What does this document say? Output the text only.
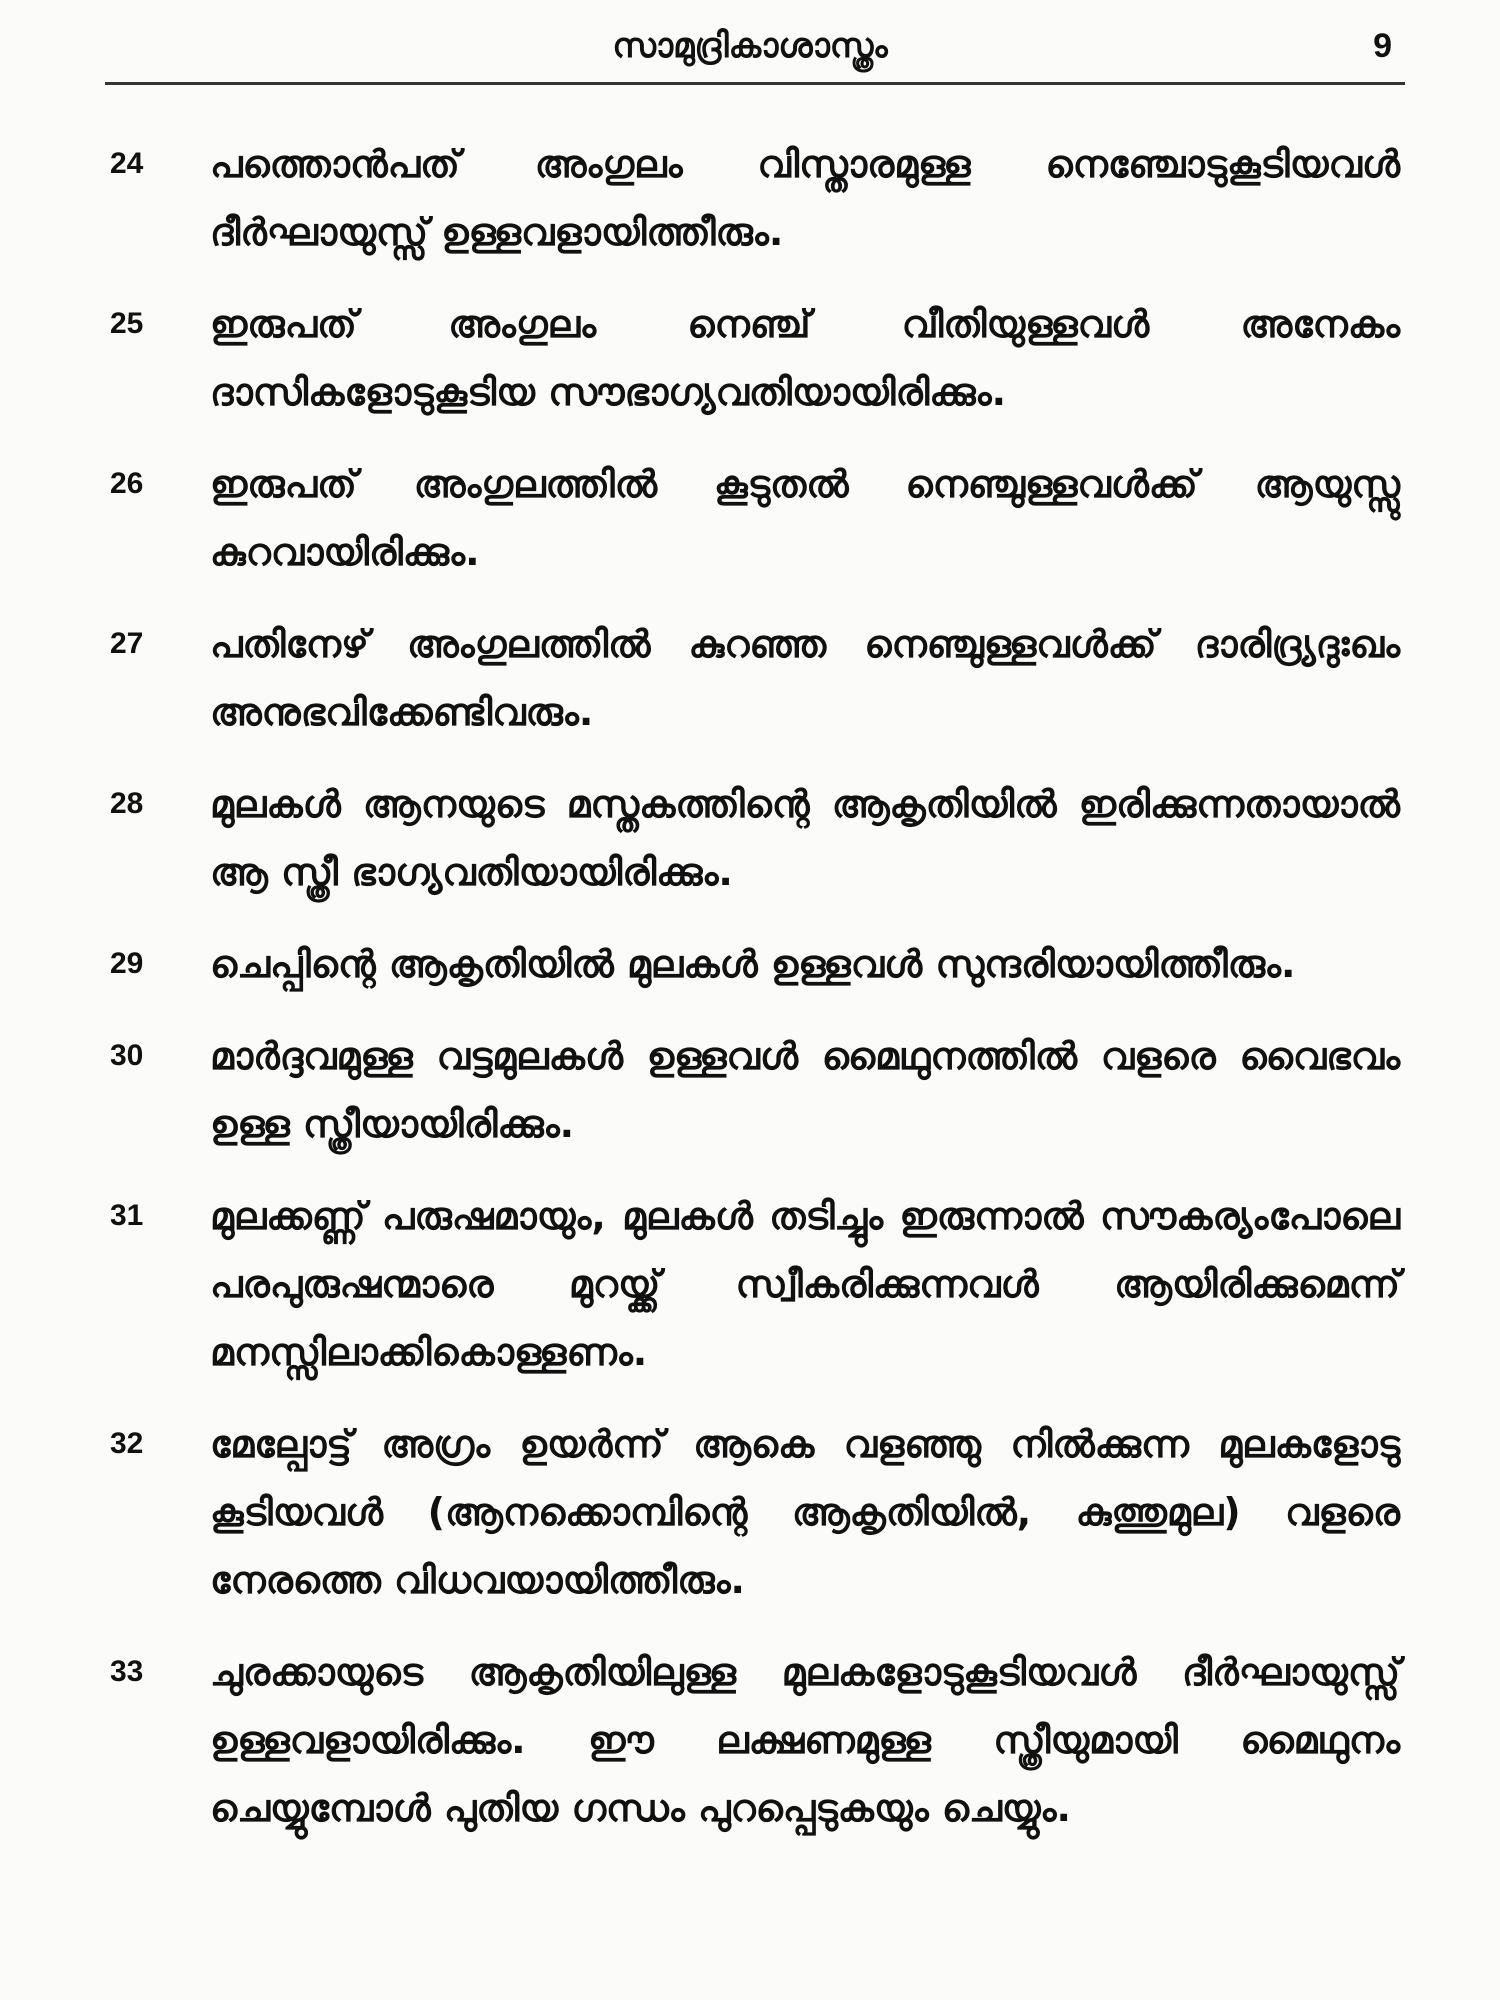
സാമുദ്രികാശാസ്ത്രം	9
24	പത്തൊൻപത് അംഗുലം വിസ്താരമുള്ള നെഞ്ചോടുകൂടിയവൾ ദീർഘായുസ്സ് ഉള്ളവളായിത്തീരും.
25	ഇരുപത് അംഗുലം നെഞ്ച് വീതിയുള്ളവൾ അനേകം ദാസികളോടുകൂടിയ സൗഭാഗ്യവതിയായിരിക്കും.
26	ഇരുപത് അംഗുലത്തിൽ കൂടുതൽ നെഞ്ചുള്ളവൾക്ക് ആയുസ്സു കുറവായിരിക്കും.
27	പതിനേഴ് അംഗുലത്തിൽ കുറഞ്ഞ നെഞ്ചുള്ളവൾക്ക് ദാരിദ്ര്യദുഃഖം അനുഭവിക്കേണ്ടിവരും.
28	മുലകൾ ആനയുടെ മസ്തകത്തിന്റെ ആകൃതിയിൽ ഇരിക്കുന്നതായാൽ ആ സ്ത്രീ ഭാഗ്യവതിയായിരിക്കും.
29	ചെപ്പിന്റെ ആകൃതിയിൽ മുലകൾ ഉള്ളവൾ സുന്ദരിയായിത്തീരും.
30	മാർദ്ദവമുള്ള വട്ടമുലകൾ ഉള്ളവൾ മൈഥുനത്തിൽ വളരെ വൈഭവം ഉള്ള സ്ത്രീയായിരിക്കും.
31	മുലക്കണ്ണ് പരുഷമായും, മുലകൾ തടിച്ചും ഇരുന്നാൽ സൗകര്യംപോലെ പരപുരുഷന്മാരെ മുറയ്ക്ക് സ്വീകരിക്കുന്നവൾ ആയിരിക്കുമെന്ന് മനസ്സിലാക്കികൊള്ളണം.
32	മേല്പോട്ട് അഗ്രം ഉയർന്ന് ആകെ വളഞ്ഞു നിൽക്കുന്ന മുലകളോടു കൂടിയവൾ (ആനക്കൊമ്പിന്റെ ആകൃതിയിൽ, കുത്തുമുല) വളരെ നേരത്തെ വിധവയായിത്തീരും.
33	ചുരക്കായുടെ ആകൃതിയിലുള്ള മുലകളോടുകൂടിയവൾ ദീർഘായുസ്സ് ഉള്ളവളായിരിക്കും. ഈ ലക്ഷണമുള്ള സ്ത്രീയുമായി മൈഥുനം ചെയ്യുമ്പോൾ പുതിയ ഗന്ധം പുറപ്പെടുകയും ചെയ്യും.
